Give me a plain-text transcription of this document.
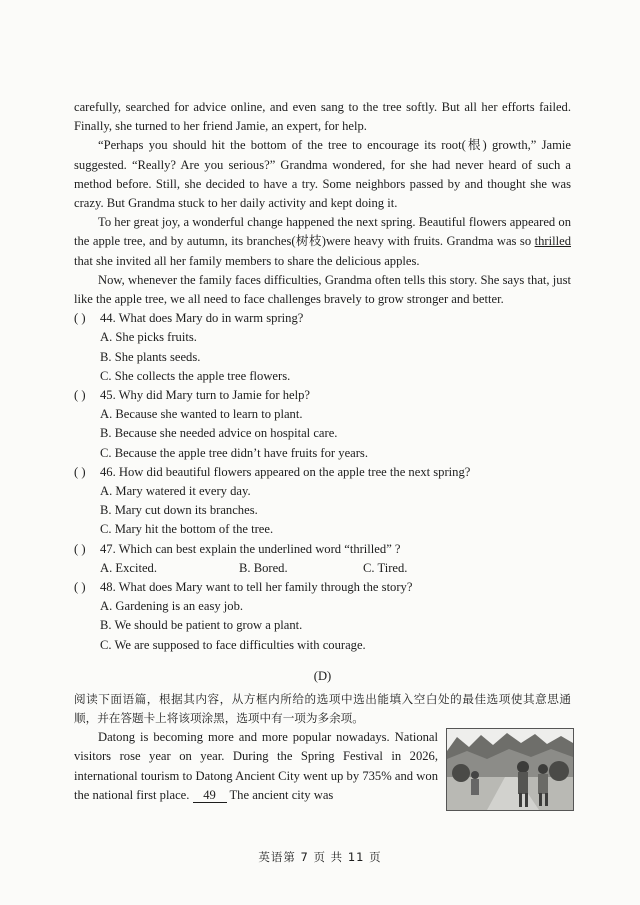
carefully, searched for advice online, and even sang to the tree softly. But all her efforts failed. Finally, she turned to her friend Jamie, an expert, for help.

“Perhaps you should hit the bottom of the tree to encourage its root(根) growth,” Jamie suggested. “Really? Are you serious?” Grandma wondered, for she had never heard of such a method before. Still, she decided to have a try. Some neighbors passed by and thought she was crazy. But Grandma stuck to her daily activity and kept doing it.

To her great joy, a wonderful change happened the next spring. Beautiful flowers appeared on the apple tree, and by autumn, its branches(树枝)were heavy with fruits. Grandma was so thrilled that she invited all her family members to share the delicious apples.

Now, whenever the family faces difficulties, Grandma often tells this story. She says that, just like the apple tree, we all need to face challenges bravely to grow stronger and better.

( )	44. What does Mary do in warm spring?

A. She picks fruits.

B. She plants seeds.

C. She collects the apple tree flowers.

( )	45. Why did Mary turn to Jamie for help?

A. Because she wanted to learn to plant.

B. Because she needed advice on hospital care.

C. Because the apple tree didn’t have fruits for years.

( )	46. How did beautiful flowers appeared on the apple tree the next spring?

A. Mary watered it every day.

B. Mary cut down its branches.

C. Mary hit the bottom of the tree.

( )	47. Which can best explain the underlined word “thrilled” ?

A. Excited.	B. Bored.	C. Tired.

( )	48. What does Mary want to tell her family through the story?

A. Gardening is an easy job.

B. We should be patient to grow a plant.

C. We are supposed to face difficulties with courage.

(D)

阅读下面语篇，根据其内容，从方框内所给的选项中选出能填入空白处的最佳选项使其意思通顺，并在答题卡上将该项涂黑，选项中有一项为多余项。

Datong is becoming more and more popular nowadays. National visitors rose year on year. During the Spring Festival in 2026, international tourism to Datong Ancient City went up by 735% and won the national first place. 49 The ancient city was

英语第 7 页 共 11 页
